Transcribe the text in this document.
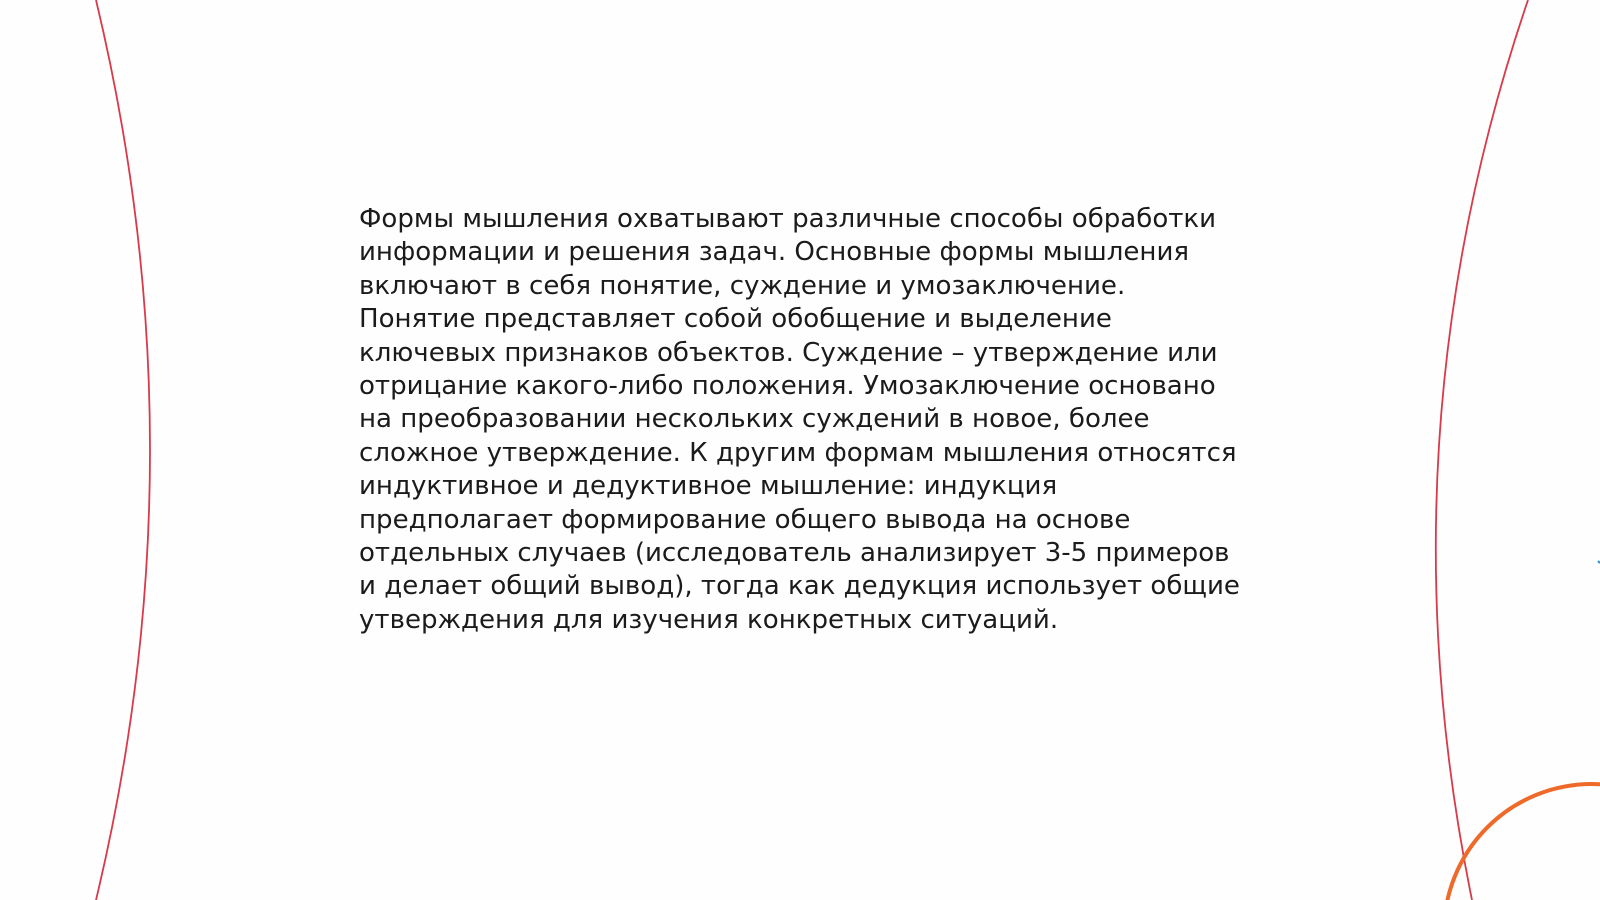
Формы мышления охватывают различные способы обработки
информации и решения задач. Основные формы мышления
включают в себя понятие, суждение и умозаключение.
Понятие представляет собой обобщение и выделение
ключевых признаков объектов. Суждение – утверждение или
отрицание какого-либо положения. Умозаключение основано
на преобразовании нескольких суждений в новое, более
сложное утверждение. К другим формам мышления относятся
индуктивное и дедуктивное мышление: индукция
предполагает формирование общего вывода на основе
отдельных случаев (исследователь анализирует 3-5 примеров
и делает общий вывод), тогда как дедукция использует общие
утверждения для изучения конкретных ситуаций.
